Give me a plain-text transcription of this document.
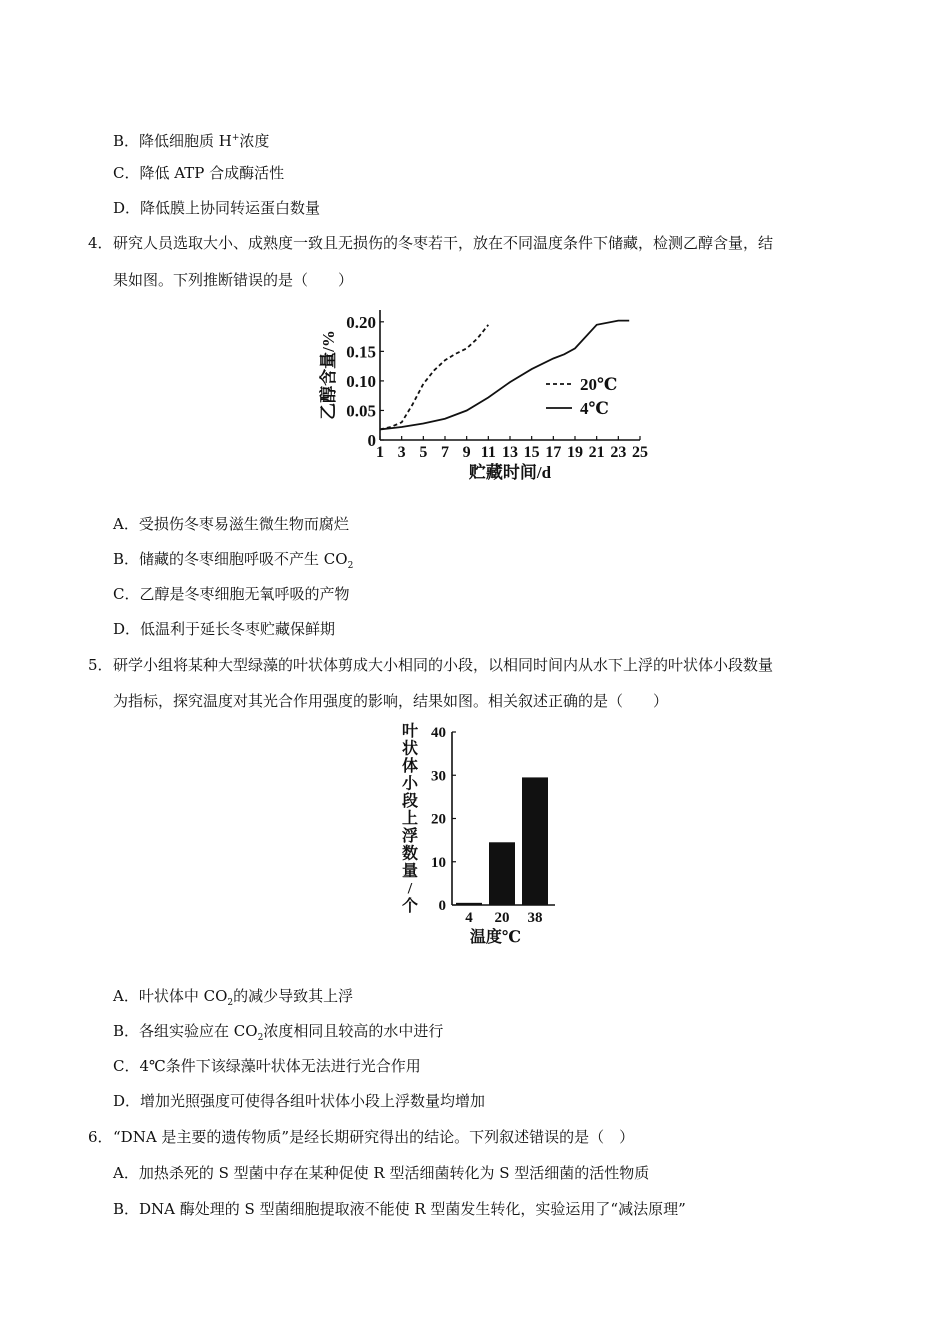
B．降低细胞质 H+浓度
C．降低 ATP 合成酶活性
D．降低膜上协同转运蛋白数量
4． 研究人员选取大小、成熟度一致且无损伤的冬枣若干，放在不同温度条件下储藏，检测乙醇含量，结
果如图。下列推断错误的是（　　）
0
0.05
0.10
0.15
0.20
1 3 5 7 9 11 13 15 17 19 21 23 25
贮藏时间/d
乙醇含量/%	20℃
4℃
A．受损伤冬枣易滋生微生物而腐烂
B．储藏的冬枣细胞呼吸不产生 $CO_2$
C．乙醇是冬枣细胞无氧呼吸的产物
D．低温利于延长冬枣贮藏保鲜期
5． 研学小组将某种大型绿藻的叶状体剪成大小相同的小段，以相同时间内从水下上浮的叶状体小段数量
为指标，探究温度对其光合作用强度的影响，结果如图。相关叙述正确的是（　　）
0
10
20
30
40
4 20 38
温度℃
叶状体小段上浮数量/个
A．叶状体中 $CO_2$的减少导致其上浮
B．各组实验应在 $CO_2$浓度相同且较高的水中进行
C．4℃条件下该绿藻叶状体无法进行光合作用
D．增加光照强度可使得各组叶状体小段上浮数量均增加
6． “DNA 是主要的遗传物质”是经长期研究得出的结论。下列叙述错误的是（　）
A．加热杀死的 S 型菌中存在某种促使 R 型活细菌转化为 S 型活细菌的活性物质
B．DNA 酶处理的 S 型菌细胞提取液不能使 R 型菌发生转化，实验运用了“减法原理”
